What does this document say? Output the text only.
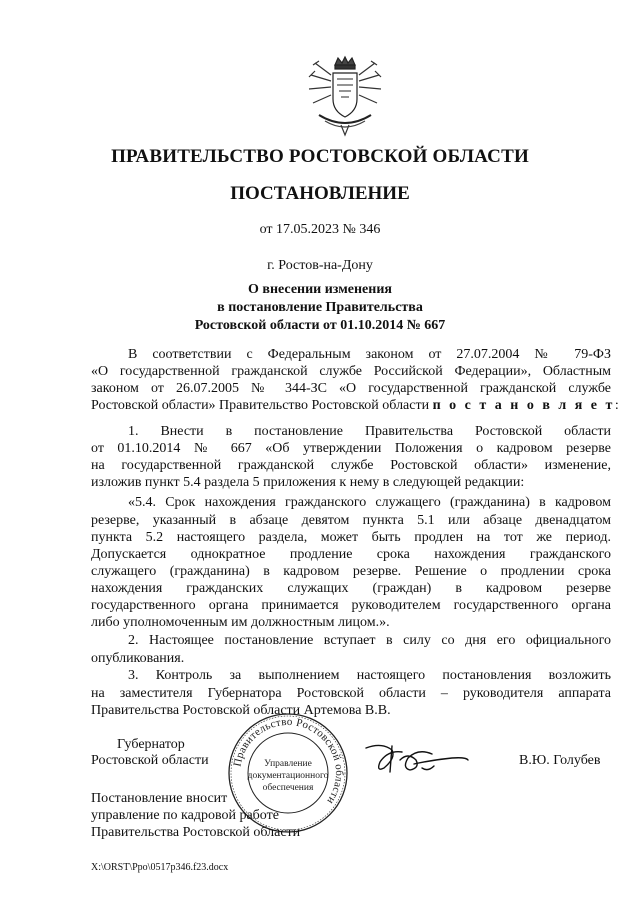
ПРАВИТЕЛЬСТВО РОСТОВСКОЙ ОБЛАСТИ
ПОСТАНОВЛЕНИЕ
от 17.05.2023 № 346
г. Ростов-на-Дону
О внесении изменения
в постановление Правительства
Ростовской области от 01.10.2014 № 667
В соответствии с Федеральным законом от 27.07.2004 № 79-ФЗ
«О государственной гражданской службе Российской Федерации», Областным
законом от 26.07.2005 № 344-ЗС «О государственной гражданской службе
Ростовской области» Правительство Ростовской области п о с т а н о в л я е т:
1. Внести в постановление Правительства Ростовской области
от 01.10.2014 № 667 «Об утверждении Положения о кадровом резерве
на государственной гражданской службе Ростовской области» изменение,
изложив пункт 5.4 раздела 5 приложения к нему в следующей редакции:
«5.4. Срок нахождения гражданского служащего (гражданина) в кадровом
резерве, указанный в абзаце девятом пункта 5.1 или абзаце двенадцатом
пункта 5.2 настоящего раздела, может быть продлен на тот же период.
Допускается однократное продление срока нахождения гражданского
служащего (гражданина) в кадровом резерве. Решение о продлении срока
нахождения гражданских служащих (граждан) в кадровом резерве
государственного органа принимается руководителем государственного органа
либо уполномоченным им должностным лицом.».
2. Настоящее постановление вступает в силу со дня его официального
опубликования.
3. Контроль за выполнением настоящего постановления возложить
на заместителя Губернатора Ростовской области – руководителя аппарата
Правительства Ростовской области Артемова В.В.
Губернатор
Ростовской области	В.Ю. Голубев
Правительство Ростовской области
Управление
документационного
обеспечения
Постановление вносит
управление по кадровой работе
Правительства Ростовской области
X:\ORST\Ppo\0517p346.f23.docx
